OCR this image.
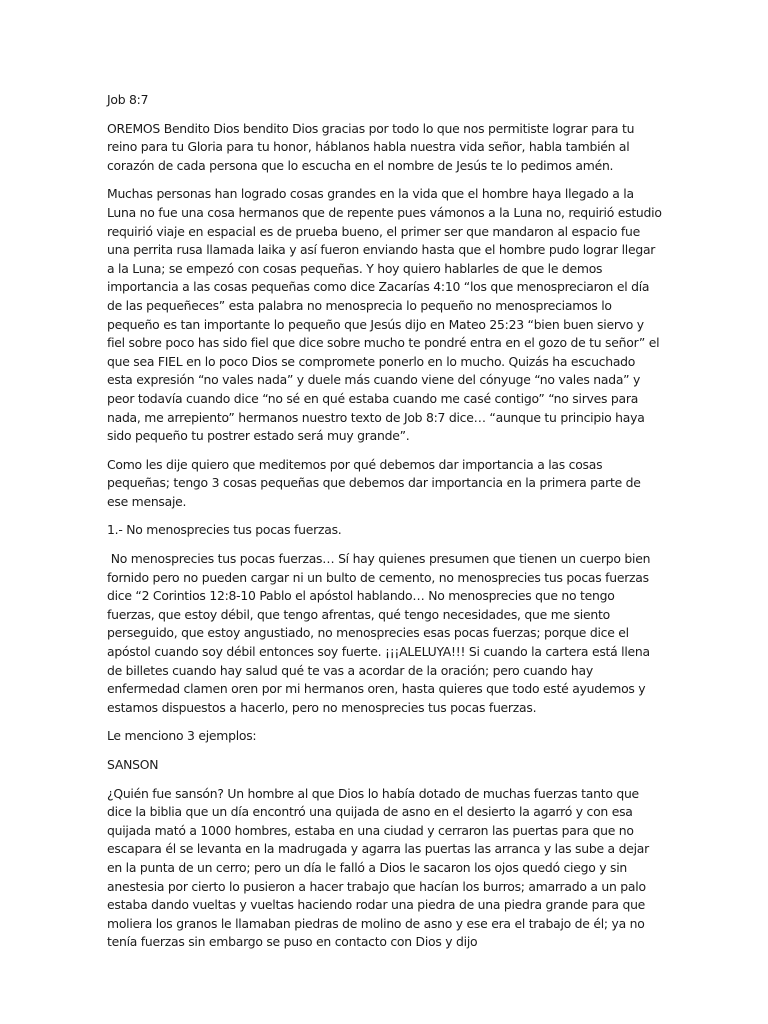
Job 8:7

OREMOS Bendito Dios bendito Dios gracias por todo lo que nos permitiste lograr para tu reino para tu Gloria para tu honor, háblanos habla nuestra vida señor, habla también al corazón de cada persona que lo escucha en el nombre de Jesús te lo pedimos amén.

Muchas personas han logrado cosas grandes en la vida que el hombre haya llegado a la Luna no fue una cosa hermanos que de repente pues vámonos a la Luna no, requirió estudio requirió viaje en espacial es de prueba bueno, el primer ser que mandaron al espacio fue una perrita rusa llamada laika y así fueron enviando hasta que el hombre pudo lograr llegar a la Luna; se empezó con cosas pequeñas. Y hoy quiero hablarles de que le demos importancia a las cosas pequeñas como dice Zacarías 4:10 “los que menospreciaron el día de las pequeñeces” esta palabra no menosprecia lo pequeño no menospreciamos lo pequeño es tan importante lo pequeño que Jesús dijo en Mateo 25:23 “bien buen siervo y fiel sobre poco has sido fiel que dice sobre mucho te pondré entra en el gozo de tu señor” el que sea FIEL en lo poco Dios se compromete ponerlo en lo mucho. Quizás ha escuchado esta expresión “no vales nada” y duele más cuando viene del cónyuge “no vales nada” y peor todavía cuando dice “no sé en qué estaba cuando me casé contigo” “no sirves para nada, me arrepiento” hermanos nuestro texto de Job 8:7 dice… “aunque tu principio haya sido pequeño tu postrer estado será muy grande”.

Como les dije quiero que meditemos por qué debemos dar importancia a las cosas pequeñas; tengo 3 cosas pequeñas que debemos dar importancia en la primera parte de ese mensaje.

1.- No menosprecies tus pocas fuerzas.

No menosprecies tus pocas fuerzas… Sí hay quienes presumen que tienen un cuerpo bien fornido pero no pueden cargar ni un bulto de cemento, no menosprecies tus pocas fuerzas dice “2 Corintios 12:8-10 Pablo el apóstol hablando… No menosprecies que no tengo fuerzas, que estoy débil, que tengo afrentas, qué tengo necesidades, que me siento perseguido, que estoy angustiado, no menosprecies esas pocas fuerzas; porque dice el apóstol cuando soy débil entonces soy fuerte. ¡¡¡ALELUYA!!! Si cuando la cartera está llena de billetes cuando hay salud qué te vas a acordar de la oración; pero cuando hay enfermedad clamen oren por mi hermanos oren, hasta quieres que todo esté ayudemos y estamos dispuestos a hacerlo, pero no menosprecies tus pocas fuerzas.

Le menciono 3 ejemplos:

SANSON

¿Quién fue sansón? Un hombre al que Dios lo había dotado de muchas fuerzas tanto que dice la biblia que un día encontró una quijada de asno en el desierto la agarró y con esa quijada mató a 1000 hombres, estaba en una ciudad y cerraron las puertas para que no escapara él se levanta en la madrugada y agarra las puertas las arranca y las sube a dejar en la punta de un cerro; pero un día le falló a Dios le sacaron los ojos quedó ciego y sin anestesia por cierto lo pusieron a hacer trabajo que hacían los burros; amarrado a un palo estaba dando vueltas y vueltas haciendo rodar una piedra de una piedra grande para que moliera los granos le llamaban piedras de molino de asno y ese era el trabajo de él; ya no tenía fuerzas sin embargo se puso en contacto con Dios y dijo
